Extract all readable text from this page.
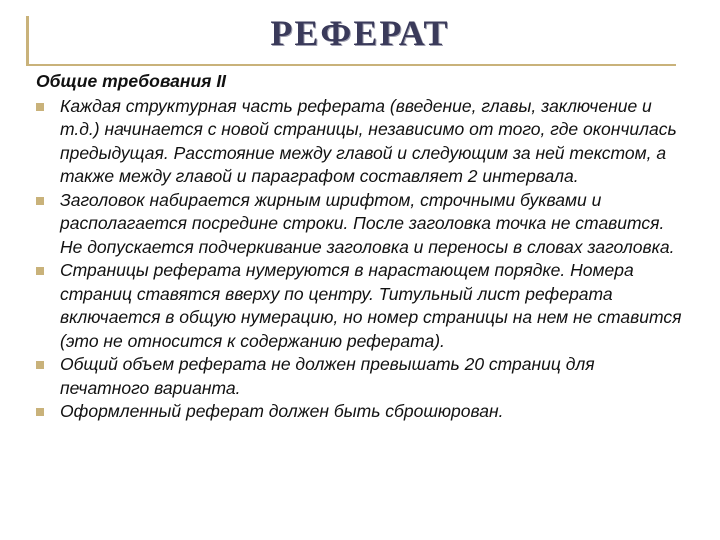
РЕФЕРАТ
Общие требования II
Каждая структурная часть реферата (введение, главы, заключение и т.д.) начинается с новой страницы, независимо от того, где окончилась предыдущая. Расстояние между главой и следующим за ней текстом, а также между главой и параграфом составляет 2 интервала.
Заголовок набирается жирным шрифтом, строчными буквами и располагается посредине строки. После заголовка точка не ставится. Не допускается подчеркивание заголовка и переносы в словах заголовка.
Страницы реферата нумеруются в нарастающем порядке. Номера страниц ставятся вверху по центру. Титульный лист реферата включается в общую нумерацию, но номер страницы на нем не ставится (это не относится к содержанию реферата).
Общий объем реферата не должен превышать 20 страниц для печатного варианта.
Оформленный реферат должен быть сброшюрован.
